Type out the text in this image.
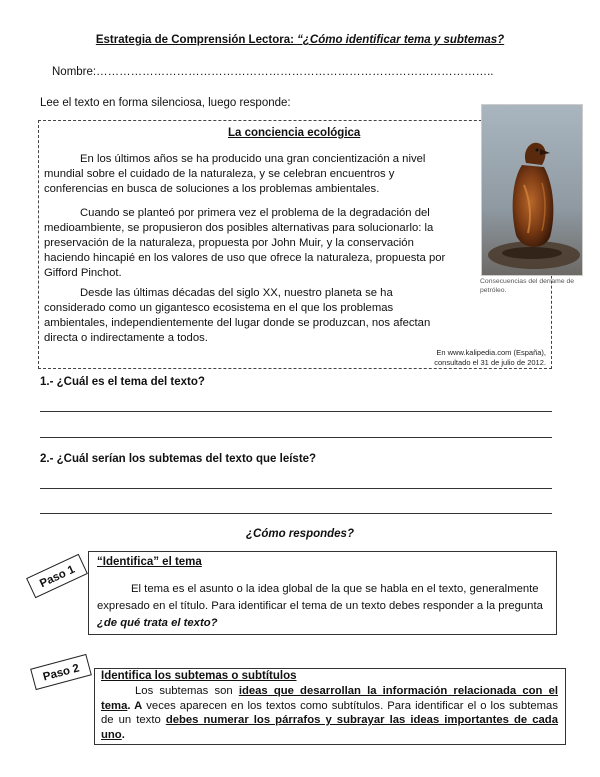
Estrategia de Comprensión Lectora: “¿Cómo identificar tema y subtemas?
Nombre:…………………………………………………………………………………………..
Lee el texto en forma silenciosa, luego responde:
La conciencia ecológica
En los últimos años se ha producido una gran concientización a nivel mundial sobre el cuidado de la naturaleza, y se celebran encuentros y conferencias en busca de soluciones a los problemas ambientales.
Cuando se planteó por primera vez el problema de la degradación del medioambiente, se propusieron dos posibles alternativas para solucionarlo: la preservación de la naturaleza, propuesta por John Muir, y la conservación haciendo hincapié en los valores de uso que ofrece la naturaleza, propuesta por Gifford Pinchot.
Desde las últimas décadas del siglo XX, nuestro planeta se ha considerado como un gigantesco ecosistema en el que los problemas ambientales, independientemente del lugar donde se produzcan, nos afectan directa o indirectamente a todos.
En www.kalipedia.com (España),
consultado el 31 de julio de 2012.
Consecuencias del derrame de petróleo.
1.- ¿Cuál es el tema del texto?
2.- ¿Cuál serían los subtemas del texto que leíste?
¿Cómo respondes?
Paso 1
“Identifica” el tema
El tema es el asunto o la idea global de la que se habla en el texto, generalmente expresado en el título. Para identificar el tema de un texto debes responder a la pregunta ¿de qué trata el texto?
Paso 2	Identifica los subtemas o subtítulos
Los subtemas son ideas que desarrollan la información relacionada con el tema. A veces aparecen en los textos como subtítulos. Para identificar el o los subtemas de un texto debes numerar los párrafos y subrayar las ideas importantes de cada uno.
